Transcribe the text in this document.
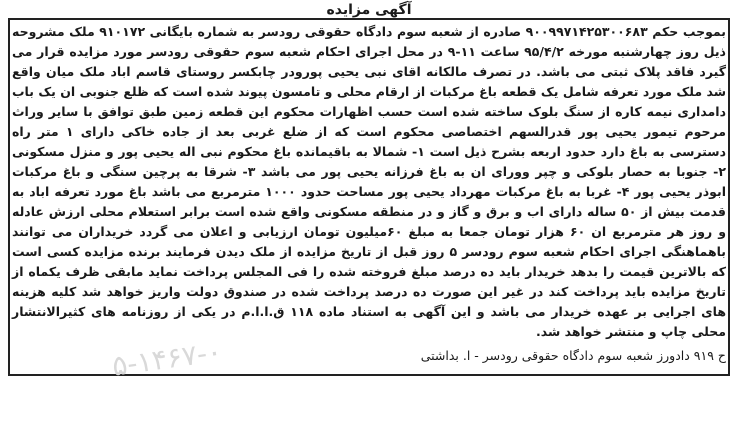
آگهی مزایده
بموجب حکم ۹۰۰۹۹۷۱۴۲۵۳۰۰۶۸۳ صادره از شعبه سوم دادگاه حقوقی رودسر به شماره بایگانی ۹۱۰۱۷۲ ملک مشروحه ذیل روز چهارشنبه مورخه ۹۵/۴/۲ ساعت ۱۱-۹ در محل اجرای احکام شعبه سوم حقوقی رودسر مورد مزایده قرار می گیرد فاقد پلاک ثبتی می باشد. در تصرف مالکانه اقای نبی یحیی پورودر چابکسر روستای قاسم اباد ملک میان واقع شد ملک مورد تعرفه شامل یک قطعه باغ مرکبات از ارقام محلی و تامسون پیوند شده است که ظلع جنوبی ان یک باب دامداری نیمه کاره از سنگ بلوک ساخته شده است حسب اظهارات محکوم این قطعه زمین طبق توافق با سایر وراث مرحوم تیمور یحیی پور قدرالسهم اختصاصی محکوم است که از ضلع غربی بعد از جاده خاکی دارای ۱ متر راه دسترسی به باغ دارد حدود اربعه بشرح ذیل است ۱- شمالا به باقیمانده باغ محکوم نبی اله یحیی پور و منزل مسکونی ۲- جنوبا به حصار بلوکی و چپر وورای ان به باغ فرزانه یحیی پور می باشد ۳- شرقا به پرچین سنگی و باغ مرکبات ابوذر یحیی پور ۴- غربا به باغ مرکبات مهرداد یحیی پور مساحت حدود ۱۰۰۰ مترمربع می باشد باغ مورد تعرفه اباد به قدمت بیش از ۵۰ ساله دارای اب و برق و گاز و در منطقه مسکونی واقع شده است برابر استعلام محلی ارزش عادله و روز هر مترمربع ان ۶۰ هزار تومان جمعا به مبلغ ۶۰میلیون تومان ارزیابی و اعلان می گردد خریداران می توانند باهماهنگی اجرای احکام شعبه سوم رودسر ۵ روز قبل از تاریخ مزایده از ملک دیدن فرمایند برنده مزایده کسی است که بالاترین قیمت را بدهد خریدار باید ده درصد مبلغ فروخته شده را فی المجلس پرداخت نماید مابقی ظرف یکماه از تاریخ مزایده باید پرداخت کند در غیر این صورت ده درصد پرداخت شده در صندوق دولت واریز خواهد شد کلیه هزینه های اجرایی بر عهده خریدار می باشد و این آگهی به استناد ماده ۱۱۸ ق.ا.ا.م در یکی از روزنامه های کثیرالانتشار محلی چاپ و منتشر خواهد شد.
ح ۹۱۹ دادورز شعبه سوم دادگاه حقوقی رودسر - ا. بداشتی
۵-۱۴۶۷-۰
